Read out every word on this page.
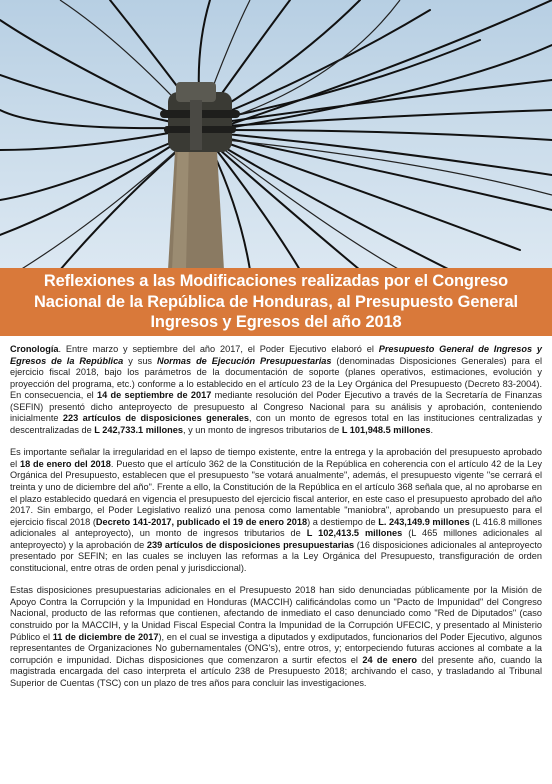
Reflexiones a las Modificaciones realizadas por el Congreso
Nacional de la República de Honduras, al Presupuesto General
Ingresos y Egresos del año 2018

Cronología. Entre marzo y septiembre del año 2017, el Poder Ejecutivo elaboró el Presupuesto General de Ingresos y Egresos de la República y sus Normas de Ejecución Presupuestarias (denominadas Disposiciones Generales) para el ejercicio fiscal 2018, bajo los parámetros de la documentación de soporte (planes operativos, estimaciones, evolución y proyección del programa, etc.) conforme a lo establecido en el artículo 23 de la Ley Orgánica del Presupuesto (Decreto 83-2004). En consecuencia, el 14 de septiembre de 2017 mediante resolución del Poder Ejecutivo a través de la Secretaría de Finanzas (SEFIN) presentó dicho anteproyecto de presupuesto al Congreso Nacional para su análisis y aprobación, conteniendo inicialmente 223 artículos de disposiciones generales, con un monto de egresos total en las instituciones centralizadas y descentralizadas de L 242,733.1 millones, y un monto de ingresos tributarios de L 101,948.5 millones.

Es importante señalar la irregularidad en el lapso de tiempo existente, entre la entrega y la aprobación del presupuesto aprobado el 18 de enero del 2018. Puesto que el artículo 362 de la Constitución de la República en coherencia con el artículo 42 de la Ley Orgánica del Presupuesto, establecen que el presupuesto "se votará anualmente", además, el presupuesto vigente "se cerrará el treinta y uno de diciembre del año". Frente a ello, la Constitución de la República en el artículo 368 señala que, al no aprobarse en el plazo establecido quedará en vigencia el presupuesto del ejercicio fiscal anterior, en este caso el presupuesto aprobado del año 2017. Sin embargo, el Poder Legislativo realizó una penosa como lamentable "maniobra", aprobando un presupuesto para el ejercicio fiscal 2018 (Decreto 141-2017, publicado el 19 de enero 2018) a destiempo de L. 243,149.9 millones (L 416.8 millones adicionales al anteproyecto), un monto de ingresos tributarios de L 102,413.5 millones (L 465 millones adicionales al anteproyecto) y la aprobación de 239 artículos de disposiciones presupuestarias (16 disposiciones adicionales al anteproyecto presentado por SEFIN; en las cuales se incluyen las reformas a la Ley Orgánica del Presupuesto, transfiguración de orden constitucional, entre otras de orden penal y jurisdiccional).

Estas disposiciones presupuestarias adicionales en el Presupuesto 2018 han sido denunciadas públicamente por la Misión de Apoyo Contra la Corrupción y la Impunidad en Honduras (MACCIH) calificándolas como un "Pacto de Impunidad" del Congreso Nacional, producto de las reformas que contienen, afectando de inmediato el caso denunciado como "Red de Diputados" (caso construido por la MACCIH, y la Unidad Fiscal Especial Contra la Impunidad de la Corrupción UFECIC, y presentado al Ministerio Público el 11 de diciembre de 2017), en el cual se investiga a diputados y exdiputados, funcionarios del Poder Ejecutivo, algunos representantes de Organizaciones No gubernamentales (ONG's), entre otros, y; entorpeciendo futuras acciones al combate a la corrupción e impunidad. Dichas disposiciones que comenzaron a surtir efectos el 24 de enero del presente año, cuando la magistrada encargada del caso interpreta el artículo 238 de Presupuesto 2018; archivando el caso, y trasladando al Tribunal Superior de Cuentas (TSC) con un plazo de tres años para concluir las investigaciones.
